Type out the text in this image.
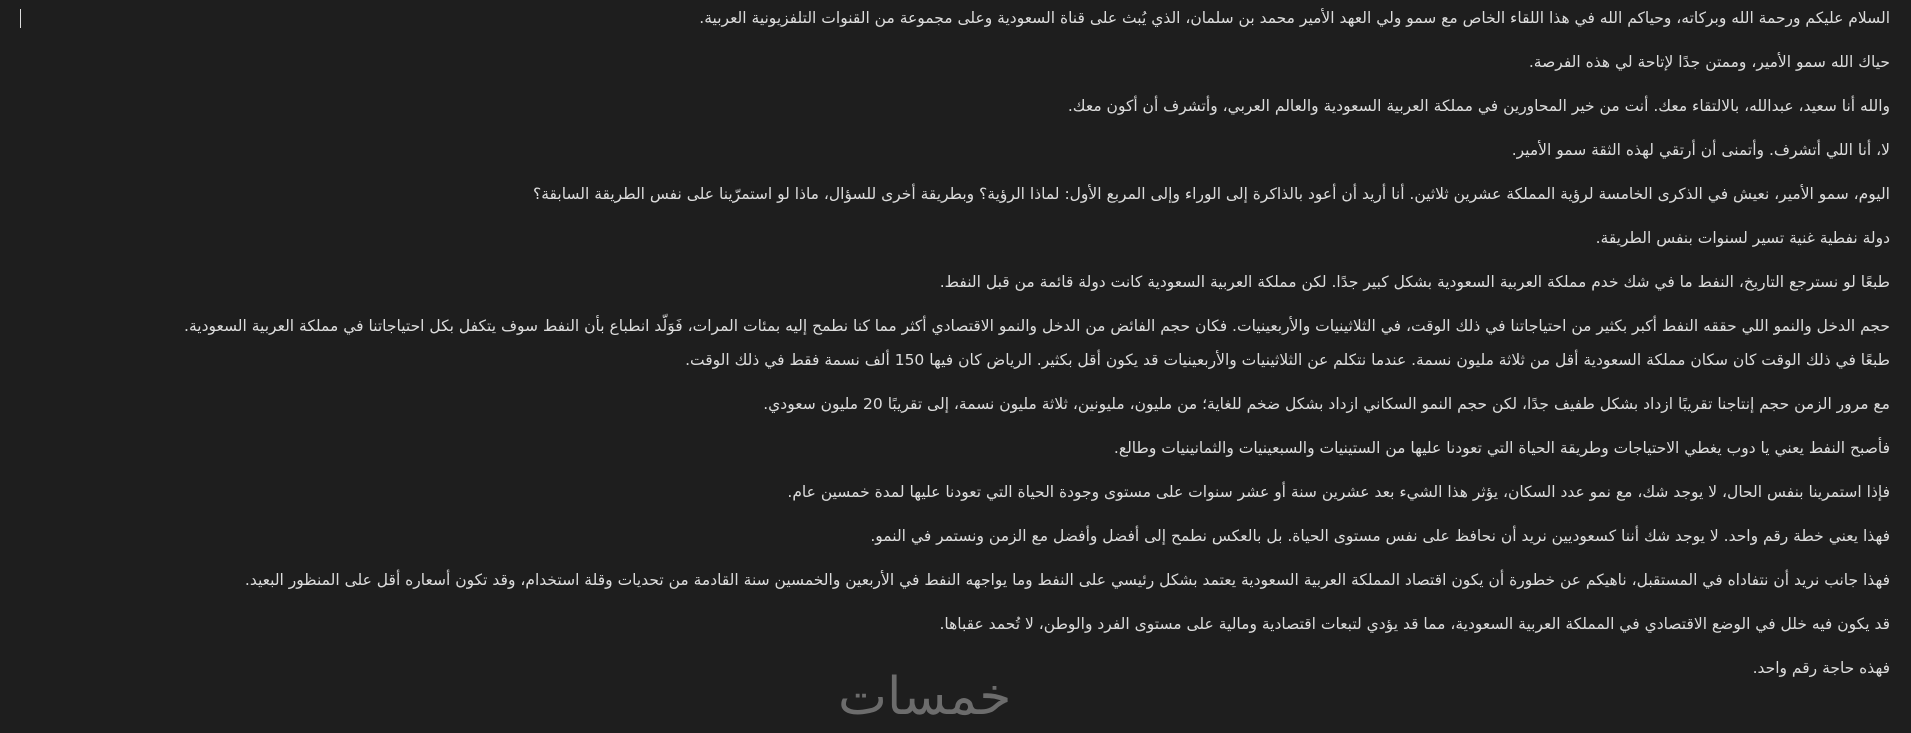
السلام عليكم ورحمة الله وبركاته، وحياكم الله في هذا اللقاء الخاص مع سمو ولي العهد الأمير محمد بن سلمان، الذي يُبث على قناة السعودية وعلى مجموعة من القنوات التلفزيونية العربية.

حياك الله سمو الأمير، وممتن جدًا لإتاحة لي هذه الفرصة.

والله أنا سعيد، عبدالله، بالالتقاء معك. أنت من خير المحاورين في مملكة العربية السعودية والعالم العربي، وأتشرف أن أكون معك.

لا، أنا اللي أتشرف. وأتمنى أن أرتقي لهذه الثقة سمو الأمير.

اليوم، سمو الأمير، نعيش في الذكرى الخامسة لرؤية المملكة عشرين ثلاثين. أنا أريد أن أعود بالذاكرة إلى الوراء وإلى المربع الأول: لماذا الرؤية؟ وبطريقة أخرى للسؤال، ماذا لو استمرّينا على نفس الطريقة السابقة؟

دولة نفطية غنية تسير لسنوات بنفس الطريقة.

طبعًا لو نسترجع التاريخ، النفط ما في شك خدم مملكة العربية السعودية بشكل كبير جدًا. لكن مملكة العربية السعودية كانت دولة قائمة من قبل النفط.

حجم الدخل والنمو اللي حققه النفط أكبر بكثير من احتياجاتنا في ذلك الوقت، في الثلاثينيات والأربعينيات. فكان حجم الفائض من الدخل والنمو الاقتصادي أكثر مما كنا نطمح إليه بمئات المرات، فَوَلّد انطباع بأن النفط سوف يتكفل بكل احتياجاتنا في مملكة العربية السعودية.

طبعًا في ذلك الوقت كان سكان مملكة السعودية أقل من ثلاثة مليون نسمة. عندما نتكلم عن الثلاثينيات والأربعينيات قد يكون أقل بكثير. الرياض كان فيها 150 ألف نسمة فقط في ذلك الوقت.

مع مرور الزمن حجم إنتاجنا تقريبًا ازداد بشكل طفيف جدًا، لكن حجم النمو السكاني ازداد بشكل ضخم للغاية؛ من مليون، مليونين، ثلاثة مليون نسمة، إلى تقريبًا 20 مليون سعودي.

فأصبح النفط يعني يا دوب يغطي الاحتياجات وطريقة الحياة التي تعودنا عليها من الستينيات والسبعينيات والثمانينيات وطالع.

فإذا استمرينا بنفس الحال، لا يوجد شك، مع نمو عدد السكان، يؤثر هذا الشيء بعد عشرين سنة أو عشر سنوات على مستوى وجودة الحياة التي تعودنا عليها لمدة خمسين عام.

فهذا يعني خطة رقم واحد. لا يوجد شك أننا كسعوديين نريد أن نحافظ على نفس مستوى الحياة. بل بالعكس نطمح إلى أفضل وأفضل مع الزمن ونستمر في النمو.

فهذا جانب نريد أن نتفاداه في المستقبل، ناهيكم عن خطورة أن يكون اقتصاد المملكة العربية السعودية يعتمد بشكل رئيسي على النفط وما يواجهه النفط في الأربعين والخمسين سنة القادمة من تحديات وقلة استخدام، وقد تكون أسعاره أقل على المنظور البعيد.

قد يكون فيه خلل في الوضع الاقتصادي في المملكة العربية السعودية، مما قد يؤدي لتبعات اقتصادية ومالية على مستوى الفرد والوطن، لا تُحمد عقباها.

فهذه حاجة رقم واحد.

خمسات
